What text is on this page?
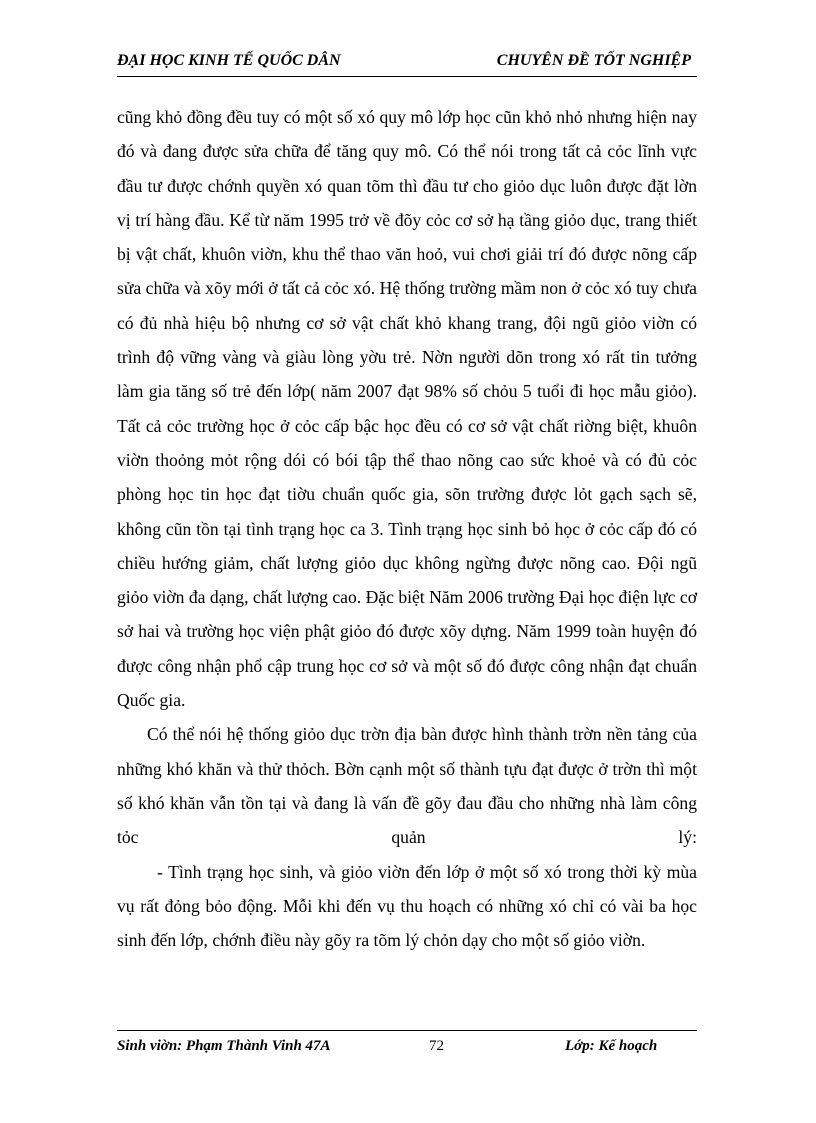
ĐẠI HỌC KINH TẾ QUỐC DÂN	CHUYÊN ĐỀ TỐT NGHIỆP

cũng khỏ đồng đều tuy có một số xó quy mô lớp học cũn khỏ nhỏ nhưng hiện nay đó và đang được sửa chữa để tăng quy mô. Có thể nói trong tất cả cỏc lĩnh vực đầu tư được chớnh quyền xó quan tõm thì đầu tư cho giỏo dục luôn được đặt lờn vị trí hàng đầu. Kể từ năm 1995 trở về đõy cỏc cơ sở hạ tầng giỏo dục, trang thiết bị vật chất, khuôn viờn, khu thể thao văn hoỏ, vui chơi giải trí đó được nõng cấp sửa chữa và xõy mới ở tất cả cỏc xó. Hệ thống trường mầm non ở cỏc xó tuy chưa có đủ nhà hiệu bộ nhưng cơ sở vật chất khỏ khang trang, đội ngũ giỏo viờn có trình độ vững vàng và giàu lòng yờu trẻ. Nờn người dõn trong xó rất tin tưởng làm gia tăng số trẻ đến lớp( năm 2007 đạt 98% số chỏu 5 tuổi đi học mẫu giỏo). Tất cả cỏc trường học ở cỏc cấp bậc học đều có cơ sở vật chất riờng biệt, khuôn viờn thoỏng mỏt rộng dói có bói tập thể thao nõng cao sức khoẻ và có đủ cỏc phòng học tin học đạt tiờu chuẩn quốc gia, sõn trường được lỏt gạch sạch sẽ, không cũn tồn tại tình trạng học ca 3. Tình trạng học sinh bỏ học ở cỏc cấp đó có chiều hướng giảm, chất lượng giỏo dục không ngừng được nõng cao. Đội ngũ giỏo viờn đa dạng, chất lượng cao. Đặc biệt Năm 2006 trường Đại học điện lực cơ sở hai và trường học viện phật giỏo đó được xõy dựng. Năm 1999 toàn huyện đó được công nhận phổ cập trung học cơ sở và một số đó được công nhận đạt chuẩn Quốc gia.

Có thể nói hệ thống giỏo dục trờn địa bàn được hình thành trờn nền tảng của những khó khăn và thử thỏch. Bờn cạnh một số thành tựu đạt được ở trờn thì một số khó khăn vẫn tồn tại và đang là vấn đề gõy đau đầu cho những nhà làm công tỏc quản lý:

- Tình trạng học sinh, và giỏo viờn đến lớp ở một số xó trong thời kỳ mùa vụ rất đỏng bỏo động. Mỗi khi đến vụ thu hoạch có những xó chỉ có vài ba học sinh đến lớp, chớnh điều này gõy ra tõm lý chỏn dạy cho một số giỏo viờn.

Sinh viờn: Phạm Thành Vinh 47A	72	Lớp: Kế hoạch
